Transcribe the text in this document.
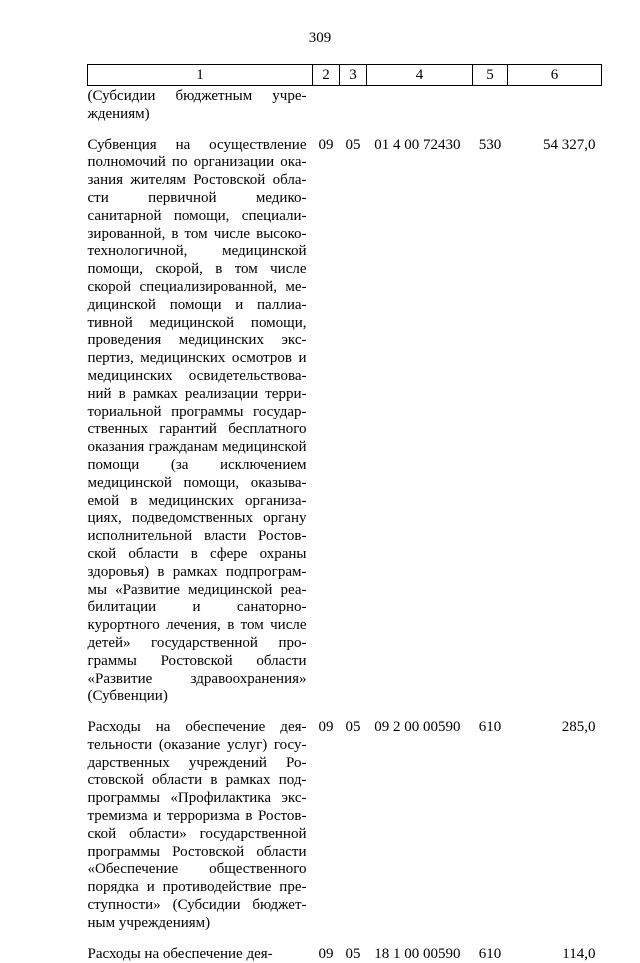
309
1	2	3	4	5	6
(Субсидии бюджетным учреждениям)					
Субвенция на осуществление полномочий по организации оказания жителям Ростовской области первичной медико-санитарной помощи, специализированной, в том числе высокотехнологичной, медицинской помощи, скорой, в том числе скорой специализированной, медицинской помощи и паллиативной медицинской помощи, проведения медицинских экспертиз, медицинских осмотров и медицинских освидетельствований в рамках реализации территориальной программы государственных гарантий бесплатного оказания гражданам медицинской помощи (за исключением медицинской помощи, оказываемой в медицинских организациях, подведомственных органу исполнительной власти Ростовской области в сфере охраны здоровья) в рамках подпрограммы «Развитие медицинской реабилитации и санаторно-курортного лечения, в том числе детей» государственной программы Ростовской области «Развитие здравоохранения» (Субвенции)	09	05	01 4 00 72430	530	54 327,0
Расходы на обеспечение деятельности (оказание услуг) государственных учреждений Ростовской области в рамках подпрограммы «Профилактика экстремизма и терроризма в Ростовской области» государственной программы Ростовской области «Обеспечение общественного порядка и противодействие преступности» (Субсидии бюджетным учреждениям)	09	05	09 2 00 00590	610	285,0
Расходы на обеспечение дея-	09	05	18 1 00 00590	610	114,0
